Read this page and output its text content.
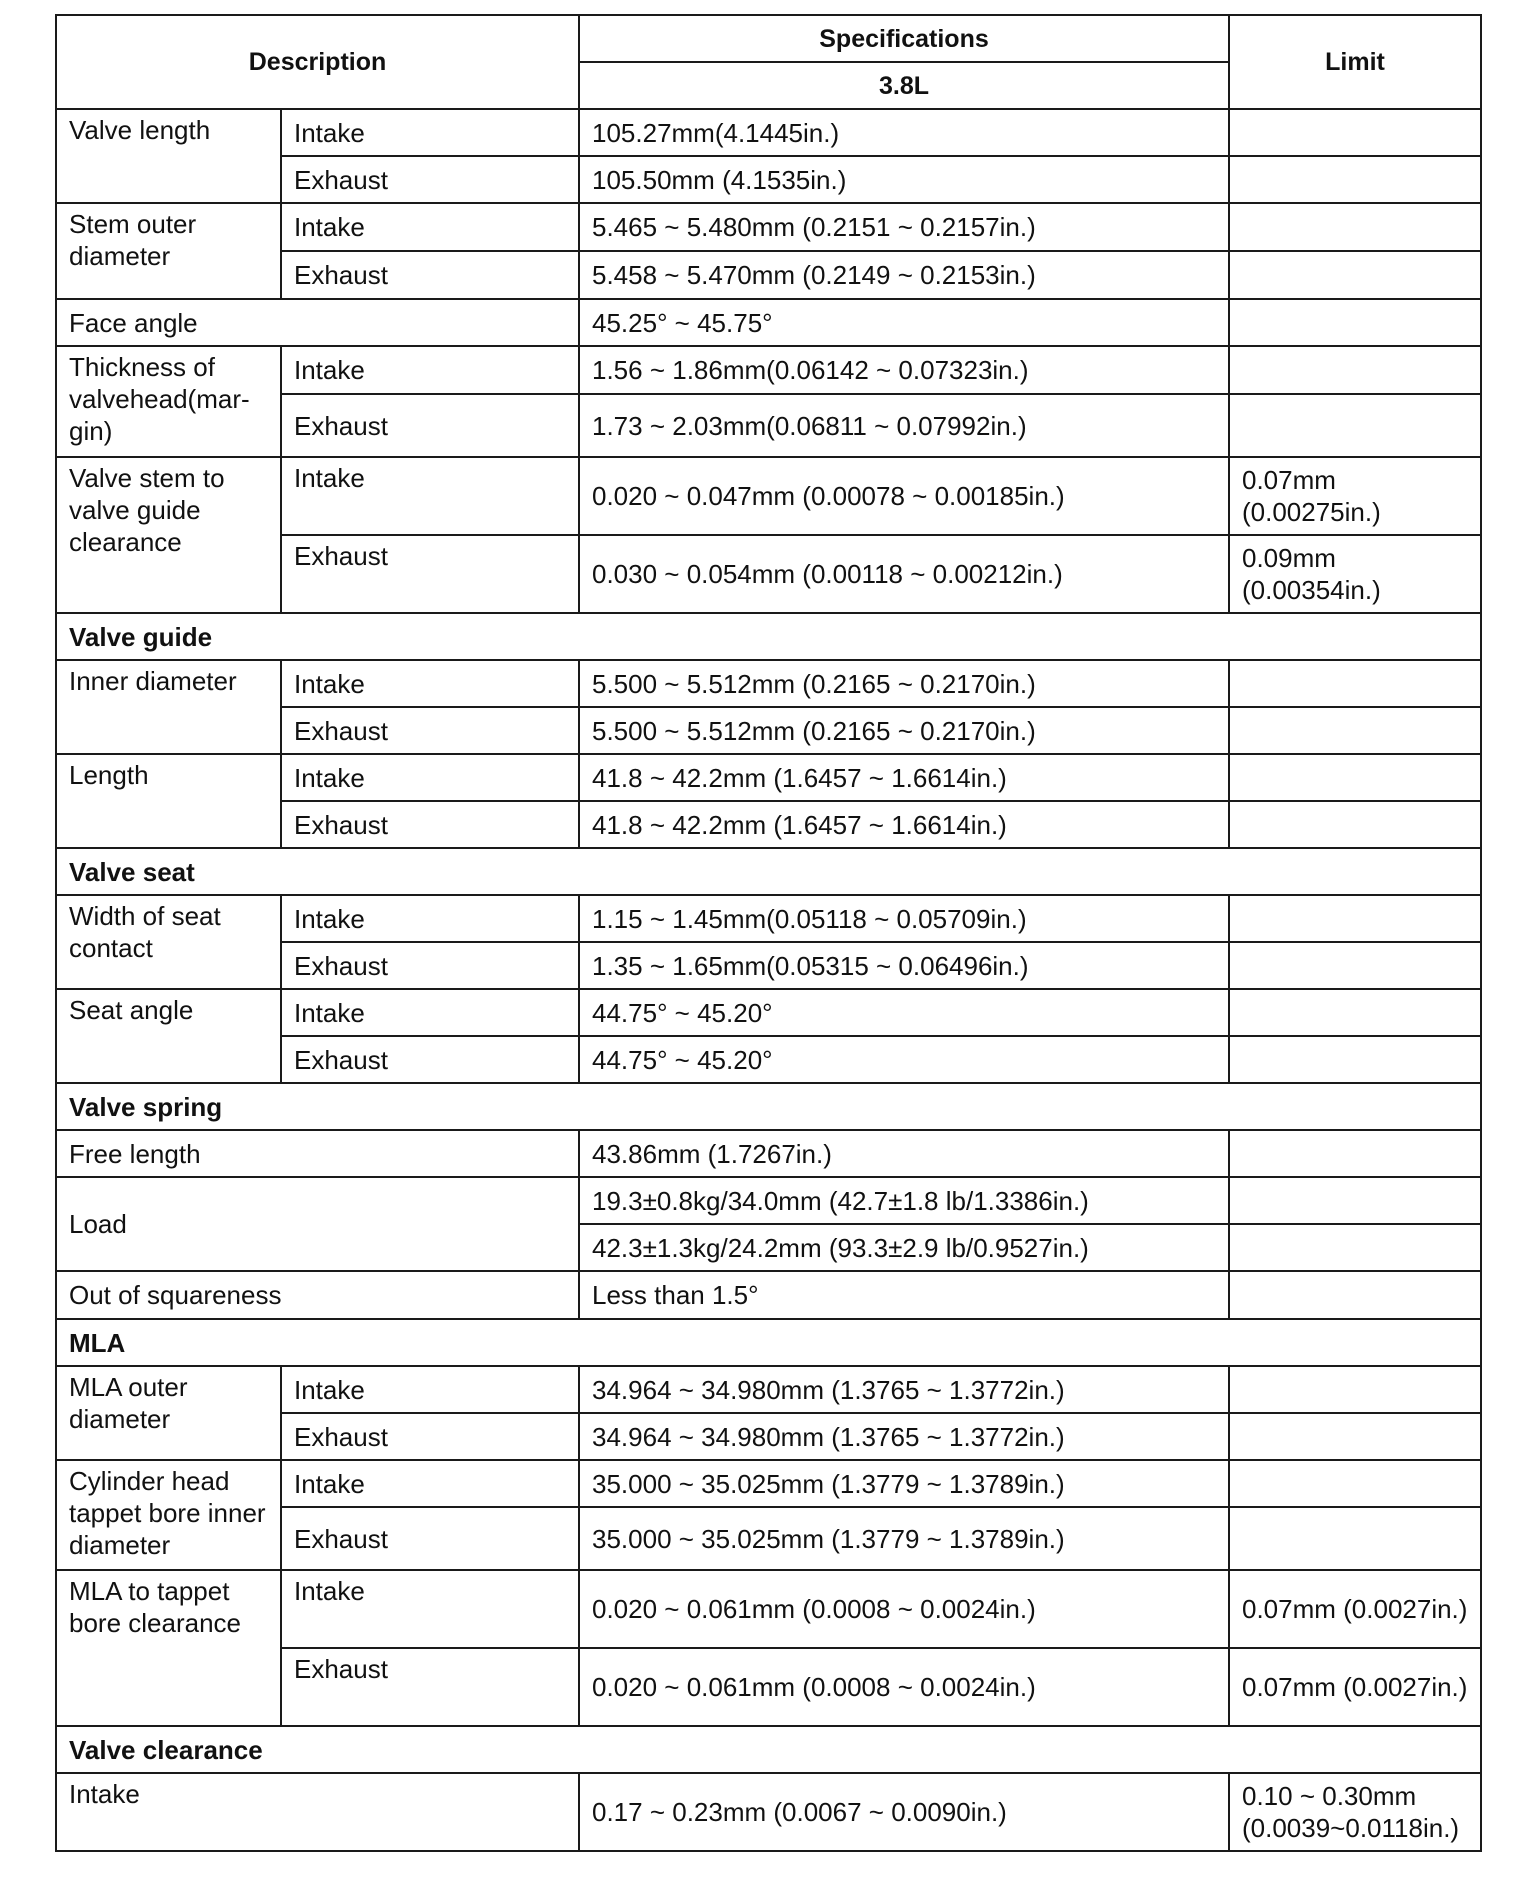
Description		Specifications	Limit
		3.8L	
Valve length	Intake	105.27mm(4.1445in.)	
	Exhaust	105.50mm (4.1535in.)	
Stem outer diameter	Intake	5.465 ~ 5.480mm (0.2151 ~ 0.2157in.)	
	Exhaust	5.458 ~ 5.470mm (0.2149 ~ 0.2153in.)	
Face angle		45.25° ~ 45.75°	
Thickness of valvehead(mar-gin)	Intake	1.56 ~ 1.86mm(0.06142 ~ 0.07323in.)	
	Exhaust	1.73 ~ 2.03mm(0.06811 ~ 0.07992in.)	
Valve stem to valve guide clearance	Intake	0.020 ~ 0.047mm (0.00078 ~ 0.00185in.)	0.07mm (0.00275in.)
	Exhaust	0.030 ~ 0.054mm (0.00118 ~ 0.00212in.)	0.09mm (0.00354in.)
Valve guide			
Inner diameter	Intake	5.500 ~ 5.512mm (0.2165 ~ 0.2170in.)	
	Exhaust	5.500 ~ 5.512mm (0.2165 ~ 0.2170in.)	
Length	Intake	41.8 ~ 42.2mm (1.6457 ~ 1.6614in.)	
	Exhaust	41.8 ~ 42.2mm (1.6457 ~ 1.6614in.)	
Valve seat			
Width of seat contact	Intake	1.15 ~ 1.45mm(0.05118 ~ 0.05709in.)	
	Exhaust	1.35 ~ 1.65mm(0.05315 ~ 0.06496in.)	
Seat angle	Intake	44.75° ~ 45.20°	
	Exhaust	44.75° ~ 45.20°	
Valve spring			
Free length		43.86mm (1.7267in.)	
Load		19.3±0.8kg/34.0mm (42.7±1.8 lb/1.3386in.)	
		42.3±1.3kg/24.2mm (93.3±2.9 lb/0.9527in.)	
Out of squareness		Less than 1.5°	
MLA			
MLA outer diameter	Intake	34.964 ~ 34.980mm (1.3765 ~ 1.3772in.)	
	Exhaust	34.964 ~ 34.980mm (1.3765 ~ 1.3772in.)	
Cylinder head tappet bore inner diameter	Intake	35.000 ~ 35.025mm (1.3779 ~ 1.3789in.)	
	Exhaust	35.000 ~ 35.025mm (1.3779 ~ 1.3789in.)	
MLA to tappet bore clearance	Intake	0.020 ~ 0.061mm (0.0008 ~ 0.0024in.)	0.07mm (0.0027in.)
	Exhaust	0.020 ~ 0.061mm (0.0008 ~ 0.0024in.)	0.07mm (0.0027in.)
Valve clearance			
Intake		0.17 ~ 0.23mm (0.0067 ~ 0.0090in.)	0.10 ~ 0.30mm (0.0039~0.0118in.)
